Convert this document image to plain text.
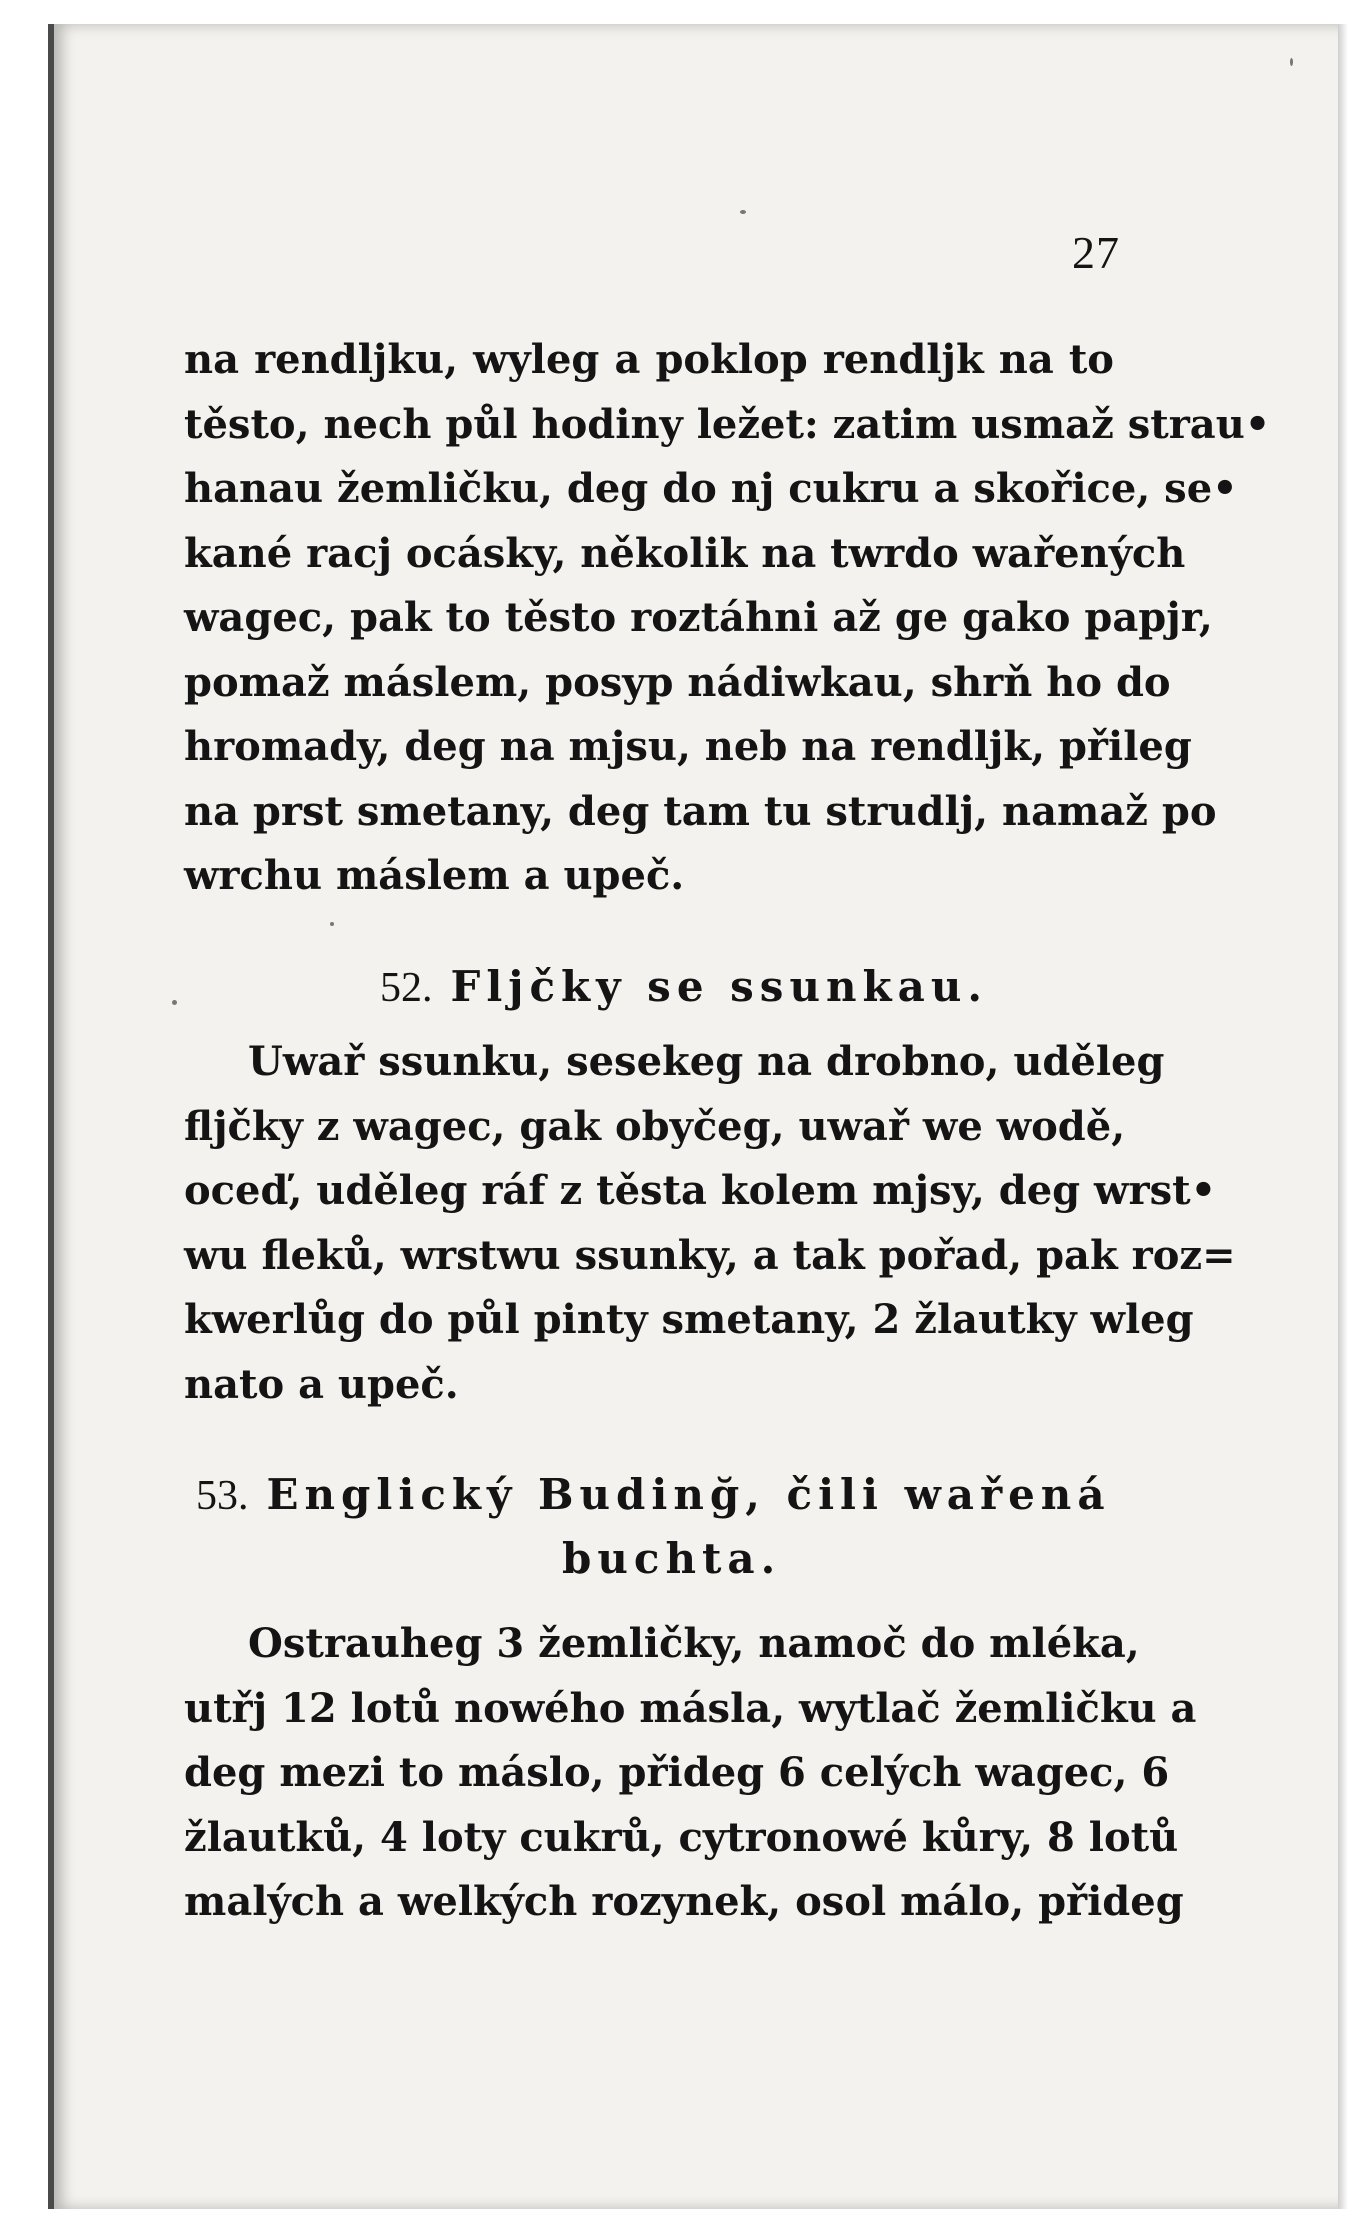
27
na rendljku, wyleg a poklop rendljk na to
těsto, nech půl hodiny ležet: zatim usmaž strau•
hanau žemličku, deg do nj cukru a skořice, se•
kané racj ocásky, několik na twrdo wařených
wagec, pak to těsto roztáhni až ge gako papjr,
pomaž máslem, posyp nádiwkau, shrň ho do
hromady, deg na mjsu, neb na rendljk, přileg
na prst smetany, deg tam tu strudlj, namaž po
wrchu máslem a upeč.
52. Fljčky se ssunkau.
Uwař ssunku, sesekeg na drobno, uděleg
fljčky z wagec, gak obyčeg, uwař we wodě,
oceď, uděleg ráf z těsta kolem mjsy, deg wrst•
wu fleků, wrstwu ssunky, a tak pořad, pak roz=
kwerlůg do půl pinty smetany, 2 žlautky wleg
nato a upeč.
53. Englický Budinğ, čili wařená
buchta.
Ostrauheg 3 žemličky, namoč do mléka,
utřj 12 lotů nowého másla, wytlač žemličku a
deg mezi to máslo, přideg 6 celých wagec, 6
žlautků, 4 loty cukrů, cytronowé kůry, 8 lotů
malých a welkých rozynek, osol málo, přideg
